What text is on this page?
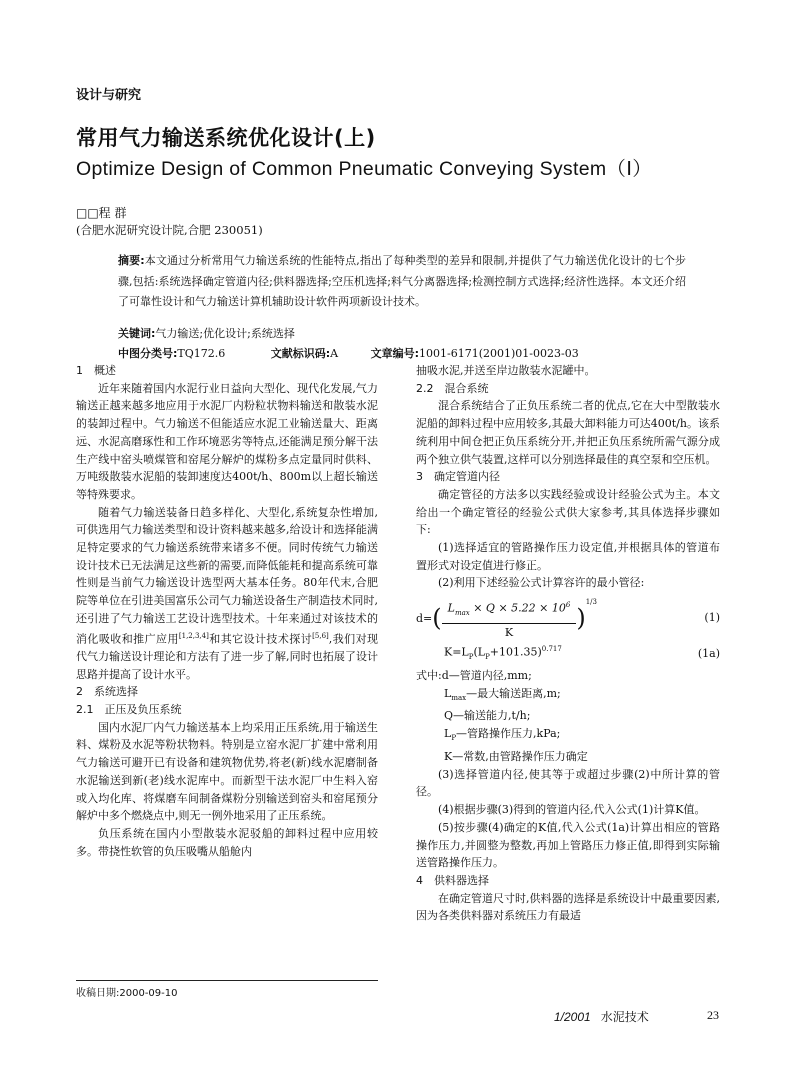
设计与研究
常用气力输送系统优化设计(上)
Optimize Design of Common Pneumatic Conveying System（Ⅰ）
□□程 群
(合肥水泥研究设计院,合肥 230051)
摘要:本文通过分析常用气力输送系统的性能特点,指出了每种类型的差异和限制,并提供了气力输送优化设计的七个步骤,包括:系统选择确定管道内径;供料器选择;空压机选择;料气分离器选择;检测控制方式选择;经济性选择。本文还介绍了可靠性设计和气力输送计算机辅助设计软件两项新设计技术。
关键词:气力输送;优化设计;系统选择
中图分类号:TQ172.6	文献标识码:A	文章编号:1001-6171(2001)01-0023-03

1　概述

近年来随着国内水泥行业日益向大型化、现代化发展,气力输送正越来越多地应用于水泥厂内粉粒状物料输送和散装水泥的装卸过程中。气力输送不但能适应水泥工业输送量大、距离远、水泥高磨琢性和工作环境恶劣等特点,还能满足预分解干法生产线中窑头喷煤管和窑尾分解炉的煤粉多点定量同时供料、万吨级散装水泥船的装卸速度达400t/h、800m以上超长输送等特殊要求。

随着气力输送装备日趋多样化、大型化,系统复杂性增加,可供选用气力输送类型和设计资料越来越多,给设计和选择能满足特定要求的气力输送系统带来诸多不便。同时传统气力输送设计技术已无法满足这些新的需要,而降低能耗和提高系统可靠性则是当前气力输送设计选型两大基本任务。80年代末,合肥院等单位在引进美国富乐公司气力输送设备生产制造技术同时,还引进了气力输送工艺设计选型技术。十年来通过对该技术的消化吸收和推广应用[1,2,3,4]和其它设计技术探讨[5,6],我们对现代气力输送设计理论和方法有了进一步了解,同时也拓展了设计思路并提高了设计水平。

2　系统选择

2.1　正压及负压系统

国内水泥厂内气力输送基本上均采用正压系统,用于输送生料、煤粉及水泥等粉状物料。特别是立窑水泥厂扩建中常利用气力输送可避开已有设备和建筑物优势,将老(新)线水泥磨制备水泥输送到新(老)线水泥库中。而新型干法水泥厂中生料入窑或入均化库、将煤磨车间制备煤粉分别输送到窑头和窑尾预分解炉中多个燃烧点中,则无一例外地采用了正压系统。

负压系统在国内小型散装水泥驳船的卸料过程中应用较多。带挠性软管的负压吸嘴从船舱内

抽吸水泥,并送至岸边散装水泥罐中。

2.2　混合系统

混合系统结合了正负压系统二者的优点,它在大中型散装水泥船的卸料过程中应用较多,其最大卸料能力可达400t/h。该系统利用中间仓把正负压系统分开,并把正负压系统所需气源分成两个独立供气装置,这样可以分别选择最佳的真空泵和空压机。

3　确定管道内径

确定管径的方法多以实践经验或设计经验公式为主。本文给出一个确定管径的经验公式供大家参考,其具体选择步骤如下:

(1)选择适宜的管路操作压力设定值,并根据具体的管道布置形式对设定值进行修正。

(2)利用下述经验公式计算容许的最小管径:

$d=( \frac{L_{max} \times Q \times 5.22 \times 10^6}{K} )^{1/3}$
(1)
$K=L_P(L_P+101.35)^{0.717}$	(1a)

式中:d—管道内径,mm;

$L_{max}—$最大输送距离,m;

Q—输送能力,t/h;

$L_P—$管路操作压力,kPa;

K—常数,由管路操作压力确定

(3)选择管道内径,使其等于或超过步骤(2)中所计算的管径。

(4)根据步骤(3)得到的管道内径,代入公式(1)计算K值。

(5)按步骤(4)确定的K值,代入公式(1a)计算出相应的管路操作压力,并圆整为整数,再加上管路压力修正值,即得到实际输送管路操作压力。

4　供料器选择

在确定管道尺寸时,供料器的选择是系统设计中最重要因素,因为各类供料器对系统压力有最适

收稿日期:2000-09-10
1/2001 水泥技术	23
